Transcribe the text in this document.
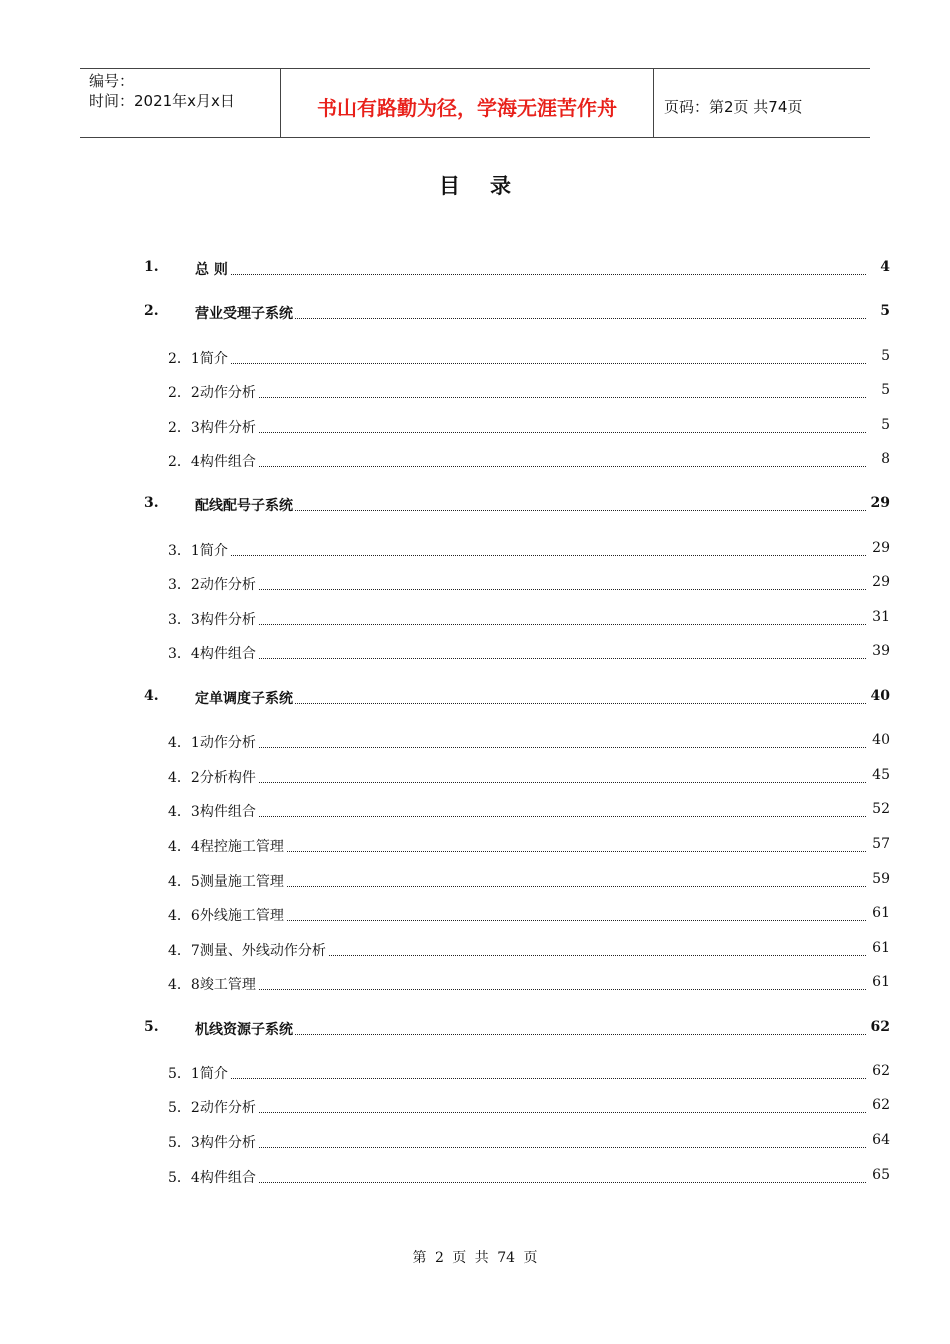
编号：
时间：2021年x月x日	书山有路勤为径，学海无涯苦作舟	页码：第2页 共74页
目录
1.	总 则	4
2.	营业受理子系统	5
2．1简介	5
2．2动作分析	5
2．3构件分析	5
2．4构件组合	8
3.	配线配号子系统	29
3．1简介	29
3．2动作分析	29
3．3构件分析	31
3．4构件组合	39
4.	定单调度子系统	40
4．1动作分析	40
4．2分析构件	45
4．3构件组合	52
4．4程控施工管理	57
4．5测量施工管理	59
4．6外线施工管理	61
4．7测量、外线动作分析	61
4．8竣工管理	61
5.	机线资源子系统	62
5．1简介	62
5．2动作分析	62
5．3构件分析	64
5．4构件组合	65
第 2 页 共 74 页
